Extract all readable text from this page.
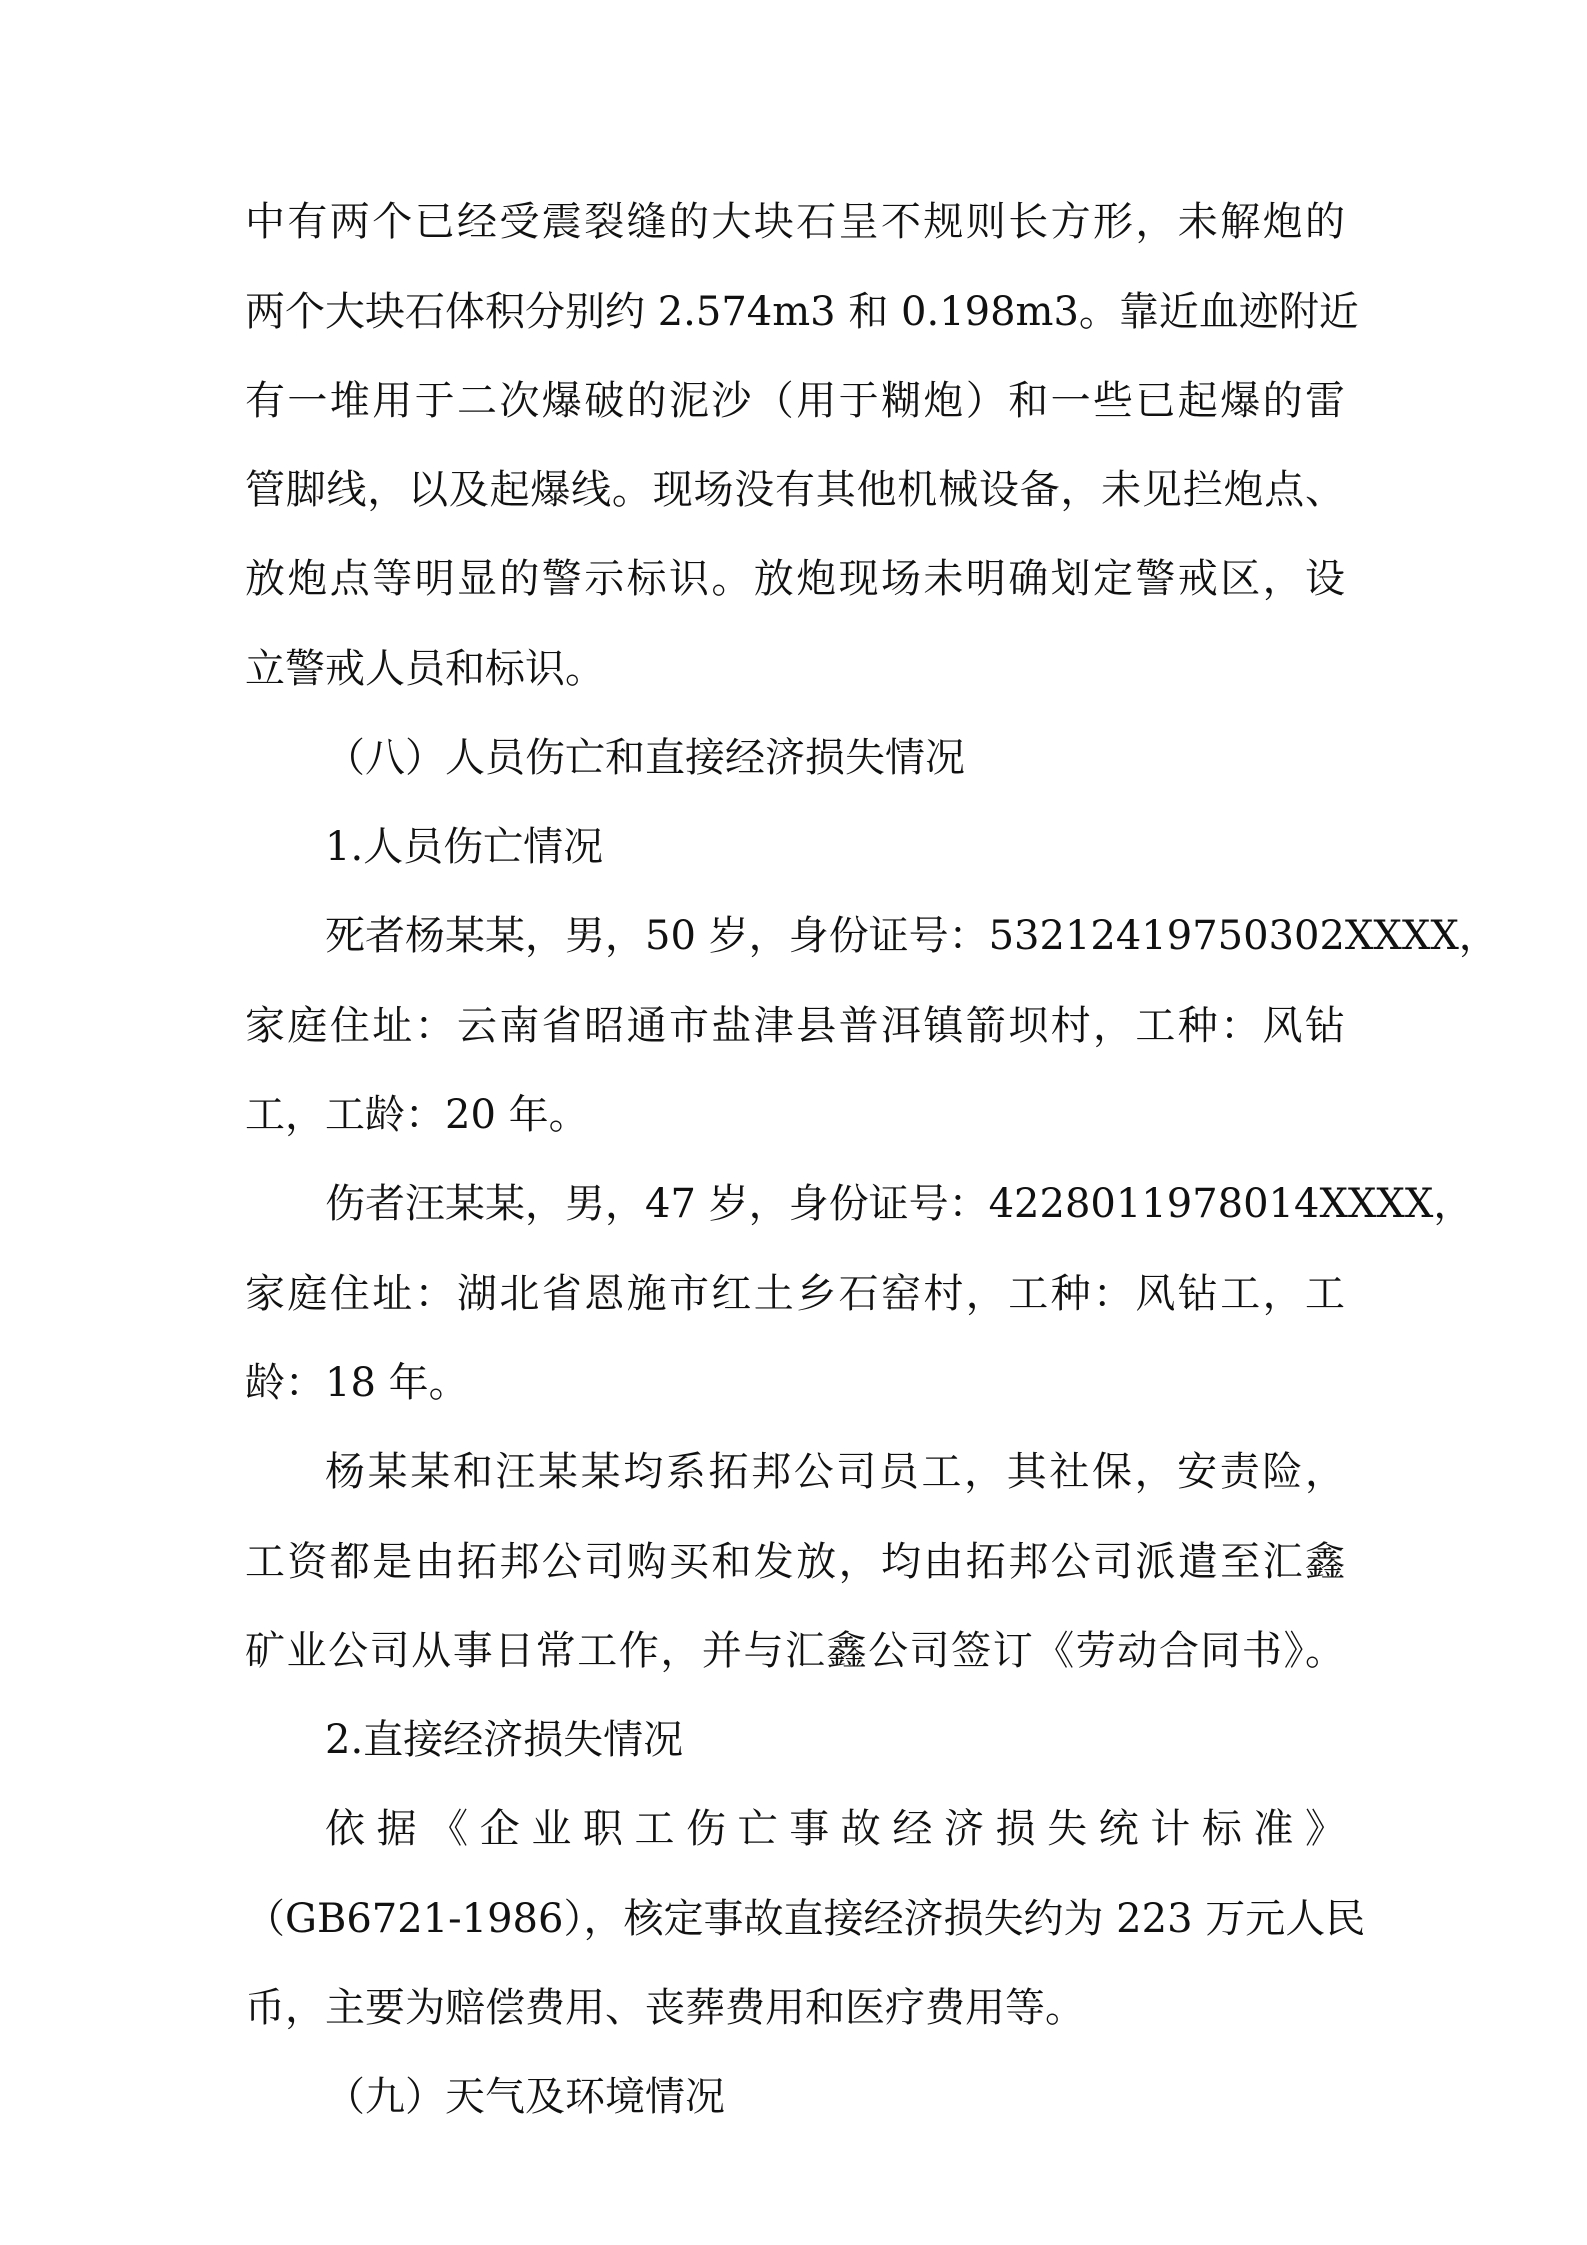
中有两个已经受震裂缝的大块石呈不规则长方形，未解炮的
两个大块石体积分别约 2.574m3 和 0.198m3。靠近血迹附近
有一堆用于二次爆破的泥沙（用于糊炮）和一些已起爆的雷
管脚线，以及起爆线。现场没有其他机械设备，未见拦炮点、
放炮点等明显的警示标识。放炮现场未明确划定警戒区，设
立警戒人员和标识。
（八）人员伤亡和直接经济损失情况
1.人员伤亡情况
死者杨某某，男，50 岁，身份证号：53212419750302XXXX，
家庭住址：云南省昭通市盐津县普洱镇箭坝村，工种：风钻
工，工龄：20 年。
伤者汪某某，男，47 岁，身份证号：4228011978014XXXX，
家庭住址：湖北省恩施市红土乡石窑村，工种：风钻工，工
龄：18 年。
杨某某和汪某某均系拓邦公司员工，其社保，安责险，
工资都是由拓邦公司购买和发放，均由拓邦公司派遣至汇鑫
矿业公司从事日常工作，并与汇鑫公司签订《劳动合同书》。
2.直接经济损失情况
依据《企业职工伤亡事故经济损失统计标准》
（GB6721-1986），核定事故直接经济损失约为 223 万元人民
币，主要为赔偿费用、丧葬费用和医疗费用等。
（九）天气及环境情况
